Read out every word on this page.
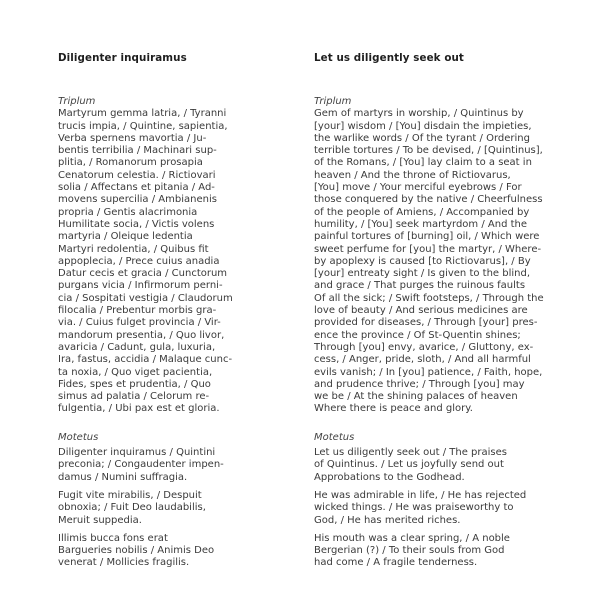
Diligenter inquiramus
Triplum
Martyrum gemma latria, / Tyranni
trucis impia, / Quintine, sapientia,
Verba spernens mavortia / Ju-
bentis terribilia / Machinari sup-
plitia, / Romanorum prosapia
Cenatorum celestia. / Rictiovari
solia / Affectans et pitania / Ad-
movens supercilia / Ambianenis
propria / Gentis alacrimonia
Humilitate socia, / Victis volens
martyria / Oleique ledentia
Martyri redolentia, / Quibus fit
appoplecia, / Prece cuius anadia
Datur cecis et gracia / Cunctorum
purgans vicia / Infirmorum perni-
cia / Sospitati vestigia / Claudorum
filocalia / Prebentur morbis gra-
via. / Cuius fulget provincia / Vir-
mandorum presentia, / Quo livor,
avaricia / Cadunt, gula, luxuria,
Ira, fastus, accidia / Malaque cunc-
ta noxia, / Quo viget pacientia,
Fides, spes et prudentia, / Quo
simus ad palatia / Celorum re-
fulgentia, / Ubi pax est et gloria.
Motetus
Diligenter inquiramus / Quintini
preconia; / Congaudenter impen-
damus / Numini suffragia.
Fugit vite mirabilis, / Despuit
obnoxia; / Fuit Deo laudabilis,
Meruit suppedia.
Illimis bucca fons erat
Bargueries nobilis / Animis Deo
venerat / Mollicies fragilis.
Let us diligently seek out
Triplum
Gem of martyrs in worship, / Quintinus by
[your] wisdom / [You] disdain the impieties,
the warlike words / Of the tyrant / Ordering
terrible tortures / To be devised, / [Quintinus],
of the Romans, / [You] lay claim to a seat in
heaven / And the throne of Rictiovarus,
[You] move / Your merciful eyebrows / For
those conquered by the native / Cheerfulness
of the people of Amiens, / Accompanied by
humility, / [You] seek martyrdom / And the
painful tortures of [burning] oil, / Which were
sweet perfume for [you] the martyr, / Where-
by apoplexy is caused [to Rictiovarus], / By
[your] entreaty sight / Is given to the blind,
and grace / That purges the ruinous faults
Of all the sick; / Swift footsteps, / Through the
love of beauty / And serious medicines are
provided for diseases, / Through [your] pres-
ence the province / Of St-Quentin shines;
Through [you] envy, avarice, / Gluttony, ex-
cess, / Anger, pride, sloth, / And all harmful
evils vanish; / In [you] patience, / Faith, hope,
and prudence thrive; / Through [you] may
we be / At the shining palaces of heaven
Where there is peace and glory.
Motetus
Let us diligently seek out / The praises
of Quintinus. / Let us joyfully send out
Approbations to the Godhead.
He was admirable in life, / He has rejected
wicked things. / He was praiseworthy to
God, / He has merited riches.
His mouth was a clear spring, / A noble
Bergerian (?) / To their souls from God
had come / A fragile tenderness.
